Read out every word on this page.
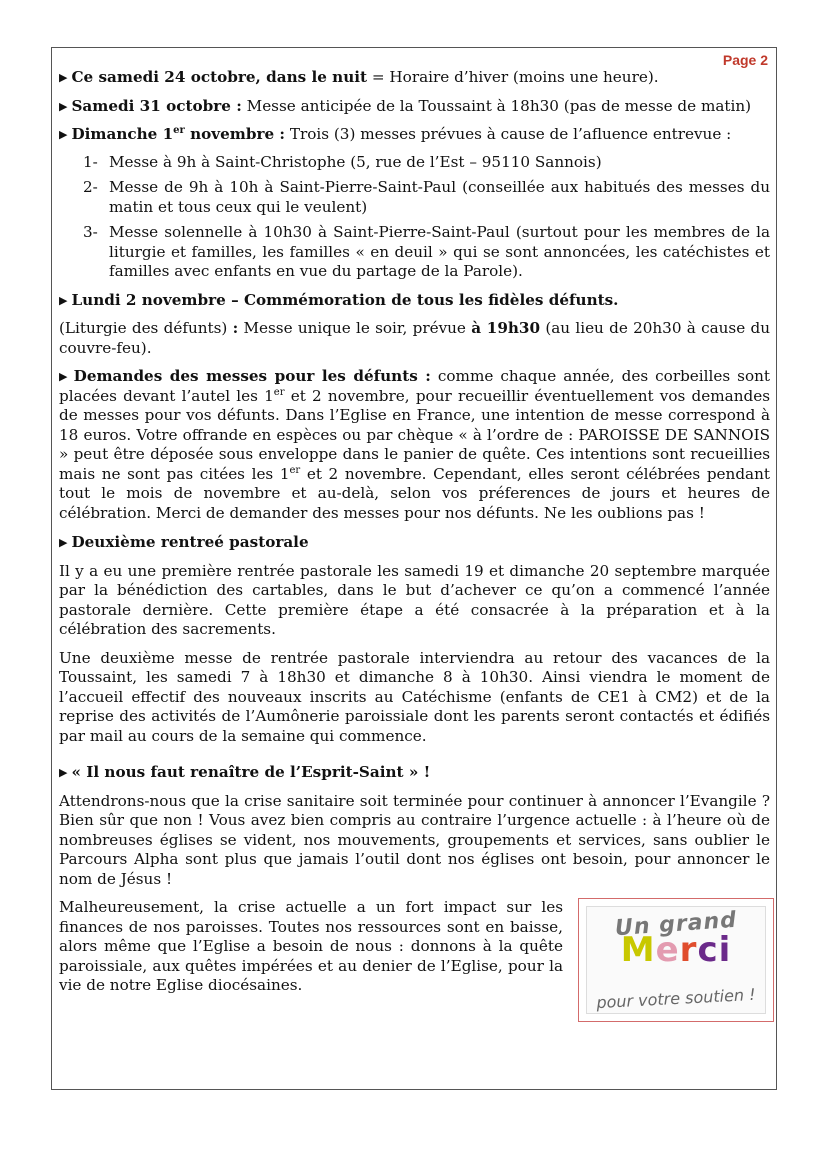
Page 2

▶ Ce samedi 24 octobre, dans le nuit = Horaire d’hiver (moins une heure).

▶ Samedi 31 octobre : Messe anticipée de la Toussaint à 18h30 (pas de messe de matin)

▶ Dimanche 1er novembre : Trois (3) messes prévues à cause de l’afluence entrevue :

1- Messe à 9h à Saint-Christophe (5, rue de l’Est – 95110 Sannois)
2- Messe de 9h à 10h à Saint-Pierre-Saint-Paul (conseillée aux habitués des messes du matin et tous ceux qui le veulent)
3- Messe solennelle à 10h30 à Saint-Pierre-Saint-Paul (surtout pour les membres de la liturgie et familles, les familles « en deuil » qui se sont annoncées, les catéchistes et familles avec enfants en vue du partage de la Parole).

▶ Lundi 2 novembre – Commémoration de tous les fidèles défunts.

(Liturgie des défunts) : Messe unique le soir, prévue à 19h30 (au lieu de 20h30 à cause du couvre-feu).

▶ Demandes des messes pour les défunts : comme chaque année, des corbeilles sont placées devant l’autel les 1er et 2 novembre, pour recueillir éventuellement vos demandes de messes pour vos défunts. Dans l’Eglise en France, une intention de messe correspond à 18 euros. Votre offrande en espèces ou par chèque « à l’ordre de : PAROISSE DE SANNOIS » peut être déposée sous enveloppe dans le panier de quête. Ces intentions sont recueillies mais ne sont pas citées les 1er et 2 novembre. Cependant, elles seront célébrées pendant tout le mois de novembre et au-delà, selon vos préferences de jours et heures de célébration. Merci de demander des messes pour nos défunts. Ne les oublions pas !

▶ Deuxième rentreé pastorale

Il y a eu une première rentrée pastorale les samedi 19 et dimanche 20 septembre marquée par la bénédiction des cartables, dans le but d’achever ce qu’on a commencé l’année pastorale dernière. Cette première étape a été consacrée à la préparation et à la célébration des sacrements.

Une deuxième messe de rentrée pastorale interviendra au retour des vacances de la Toussaint, les samedi 7 à 18h30 et dimanche 8 à 10h30. Ainsi viendra le moment de l’accueil effectif des nouveaux inscrits au Catéchisme (enfants de CE1 à CM2) et de la reprise des activités de l’Aumônerie paroissiale dont les parents seront contactés et édifiés par mail au cours de la semaine qui commence.

▶ « Il nous faut renaître de l’Esprit-Saint » !

Attendrons-nous que la crise sanitaire soit terminée pour continuer à annoncer l’Evangile ? Bien sûr que non ! Vous avez bien compris au contraire l’urgence actuelle : à l’heure où de nombreuses églises se vident, nos mouvements, groupements et services, sans oublier le Parcours Alpha sont plus que jamais l’outil dont nos églises ont besoin, pour annoncer le nom de Jésus !

Malheureusement, la crise actuelle a un fort impact sur les finances de nos paroisses. Toutes nos ressources sont en baisse, alors même que l’Eglise a besoin de nous : donnons à la quête paroissiale, aux quêtes impérées et au denier de l’Eglise, pour la vie de notre Eglise diocésaines.

Un grand
Merci
pour votre soutien !
